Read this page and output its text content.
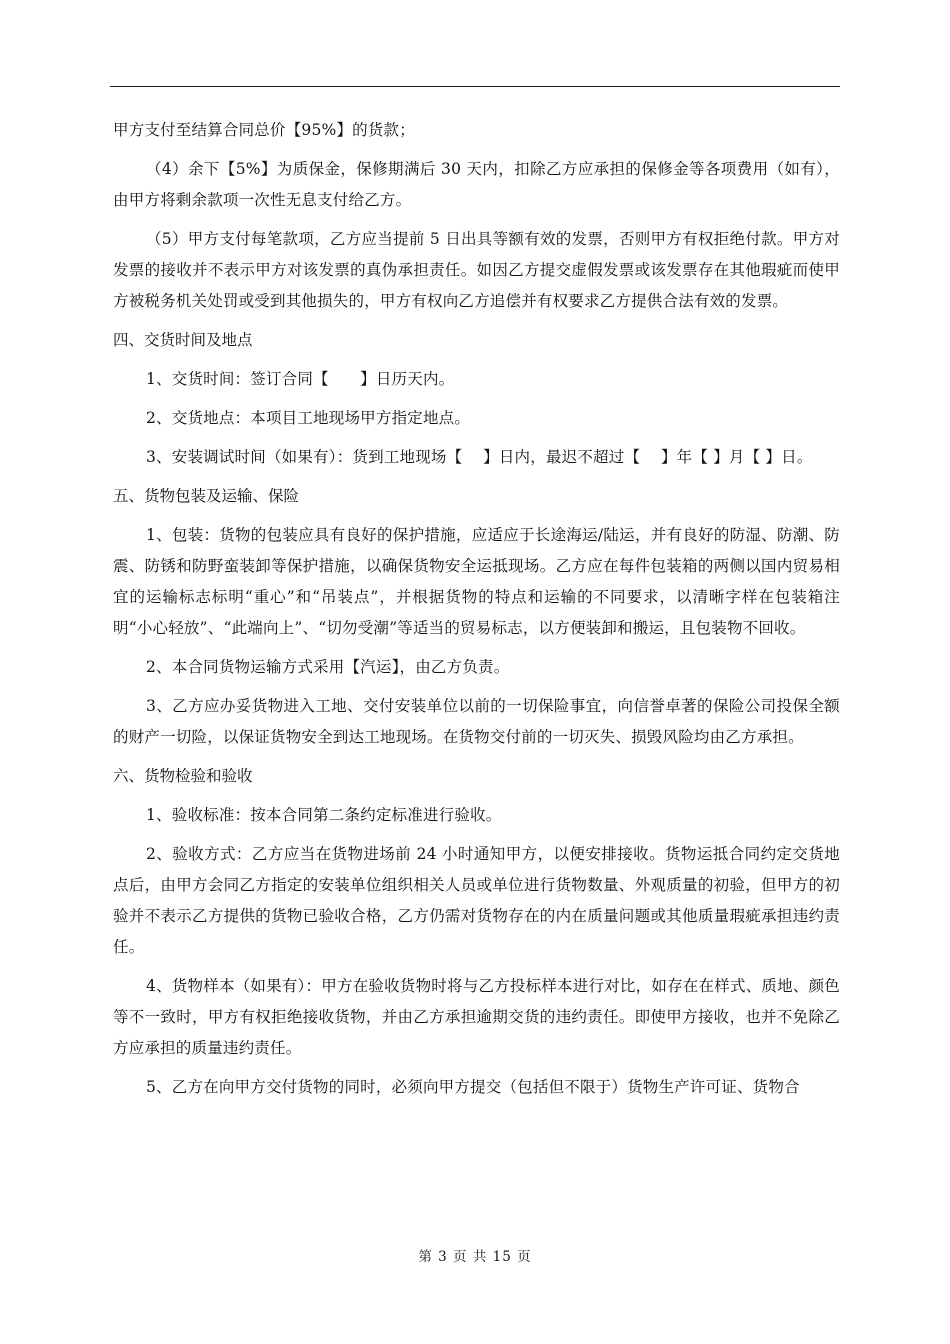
甲方支付至结算合同总价【95%】的货款；

（4）余下【5%】为质保金，保修期满后 30 天内，扣除乙方应承担的保修金等各项费用（如有），由甲方将剩余款项一次性无息支付给乙方。

（5）甲方支付每笔款项，乙方应当提前 5 日出具等额有效的发票，否则甲方有权拒绝付款。甲方对发票的接收并不表示甲方对该发票的真伪承担责任。如因乙方提交虚假发票或该发票存在其他瑕疵而使甲方被税务机关处罚或受到其他损失的，甲方有权向乙方追偿并有权要求乙方提供合法有效的发票。

四、交货时间及地点

1、交货时间：签订合同【　　】日历天内。

2、交货地点：本项目工地现场甲方指定地点。

3、安装调试时间（如果有）：货到工地现场【　 】日内，最迟不超过【　 】年【 】月【 】日。

五、货物包装及运输、保险

1、包装：货物的包装应具有良好的保护措施，应适应于长途海运/陆运，并有良好的防湿、防潮、防震、防锈和防野蛮装卸等保护措施，以确保货物安全运抵现场。乙方应在每件包装箱的两侧以国内贸易相宜的运输标志标明“重心”和“吊装点”，并根据货物的特点和运输的不同要求，以清晰字样在包装箱注明“小心轻放”、“此端向上”、“切勿受潮”等适当的贸易标志，以方便装卸和搬运，且包装物不回收。

2、本合同货物运输方式采用【汽运】，由乙方负责。

3、乙方应办妥货物进入工地、交付安装单位以前的一切保险事宜，向信誉卓著的保险公司投保全额的财产一切险，以保证货物安全到达工地现场。在货物交付前的一切灭失、损毁风险均由乙方承担。

六、货物检验和验收

1、验收标准：按本合同第二条约定标准进行验收。

2、验收方式：乙方应当在货物进场前 24 小时通知甲方，以便安排接收。货物运抵合同约定交货地点后，由甲方会同乙方指定的安装单位组织相关人员或单位进行货物数量、外观质量的初验，但甲方的初验并不表示乙方提供的货物已验收合格，乙方仍需对货物存在的内在质量问题或其他质量瑕疵承担违约责任。

4、货物样本（如果有）：甲方在验收货物时将与乙方投标样本进行对比，如存在在样式、质地、颜色等不一致时，甲方有权拒绝接收货物，并由乙方承担逾期交货的违约责任。即使甲方接收，也并不免除乙方应承担的质量违约责任。

5、乙方在向甲方交付货物的同时，必须向甲方提交（包括但不限于）货物生产许可证、货物合

第 3 页 共 15 页
